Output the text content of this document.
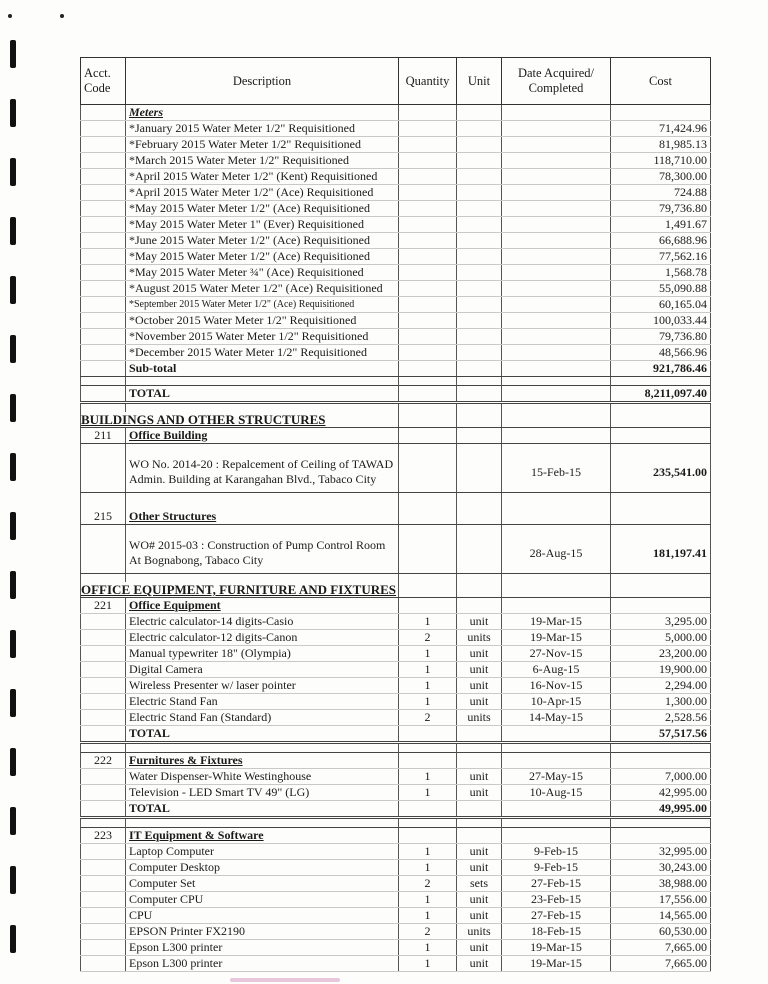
Acct. Code	Description	Quantity	Unit	Date Acquired/ Completed	Cost
	Meters				
	*January 2015 Water Meter 1/2" Requisitioned				71,424.96
	*February 2015 Water Meter 1/2" Requisitioned				81,985.13
	*March 2015 Water Meter 1/2" Requisitioned				118,710.00
	*April 2015 Water Meter 1/2" (Kent) Requisitioned				78,300.00
	*April 2015 Water Meter 1/2" (Ace) Requisitioned				724.88
	*May 2015 Water Meter 1/2" (Ace) Requisitioned				79,736.80
	*May 2015 Water Meter 1" (Ever) Requisitioned				1,491.67
	*June 2015 Water Meter 1/2" (Ace) Requisitioned				66,688.96
	*May 2015 Water Meter 1/2" (Ace) Requisitioned				77,562.16
	*May 2015 Water Meter ¾" (Ace) Requisitioned				1,568.78
	*August 2015 Water Meter 1/2" (Ace) Requisitioned				55,090.88
	*September 2015 Water Meter 1/2" (Ace) Requisitioned				60,165.04
	*October 2015 Water Meter 1/2" Requisitioned				100,033.44
	*November 2015 Water Meter 1/2" Requisitioned				79,736.80
	*December 2015 Water Meter 1/2" Requisitioned				48,566.96
	Sub-total				921,786.46

	TOTAL				8,211,097.40

BUILDINGS AND OTHER STRUCTURES					
211	Office Building				

	WO No. 2014-20 : Repalcement of Ceiling of TAWAD
Admin. Building at Karangahan Blvd., Tabaco City			15-Feb-15	235,541.00

215	Other Structures				

	WO# 2015-03 : Construction of Pump Control Room
At Bognabong, Tabaco City			28-Aug-15	181,197.41

OFFICE EQUIPMENT, FURNITURE AND FIXTURES					
221	Office Equipment				
	Electric calculator-14 digits-Casio	1	unit	19-Mar-15	3,295.00
	Electric calculator-12 digits-Canon	2	units	19-Mar-15	5,000.00
	Manual typewriter 18" (Olympia)	1	unit	27-Nov-15	23,200.00
	Digital Camera	1	unit	6-Aug-15	19,900.00
	Wireless Presenter w/ laser pointer	1	unit	16-Nov-15	2,294.00
	Electric Stand Fan	1	unit	10-Apr-15	1,300.00
	Electric Stand Fan (Standard)	2	units	14-May-15	2,528.56
	TOTAL				57,517.56

222	Furnitures & Fixtures				
	Water Dispenser-White Westinghouse	1	unit	27-May-15	7,000.00
	Television - LED Smart TV 49" (LG)	1	unit	10-Aug-15	42,995.00
	TOTAL				49,995.00

223	IT Equipment & Software				
	Laptop Computer	1	unit	9-Feb-15	32,995.00
	Computer Desktop	1	unit	9-Feb-15	30,243.00
	Computer Set	2	sets	27-Feb-15	38,988.00
	Computer CPU	1	unit	23-Feb-15	17,556.00
	CPU	1	unit	27-Feb-15	14,565.00
	EPSON Printer FX2190	2	units	18-Feb-15	60,530.00
	Epson L300 printer	1	unit	19-Mar-15	7,665.00
	Epson L300 printer	1	unit	19-Mar-15	7,665.00
